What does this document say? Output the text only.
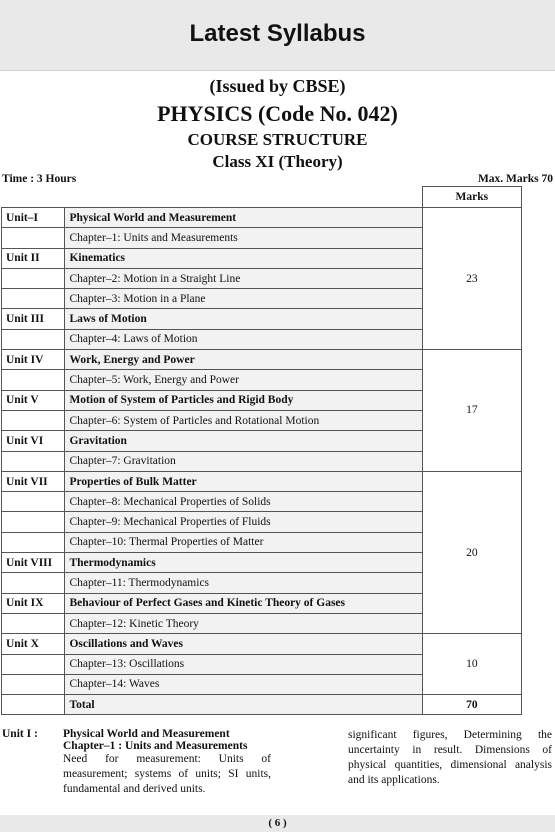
Latest Syllabus
(Issued by CBSE)
PHYSICS (Code No. 042)
COURSE STRUCTURE
Class XI (Theory)
Time : 3 Hours	Max. Marks 70
		Marks
Unit–I	Physical World and Measurement	23
	Chapter–1: Units and Measurements	
Unit II	Kinematics	
	Chapter–2: Motion in a Straight Line	
	Chapter–3: Motion in a Plane	
Unit III	Laws of Motion	
	Chapter–4: Laws of Motion	
Unit IV	Work, Energy and Power	17
	Chapter–5: Work, Energy and Power	
Unit V	Motion of System of Particles and Rigid Body	
	Chapter–6: System of Particles and Rotational Motion	
Unit VI	Gravitation	
	Chapter–7: Gravitation	
Unit VII	Properties of Bulk Matter	20
	Chapter–8: Mechanical Properties of Solids	
	Chapter–9: Mechanical Properties of Fluids	
	Chapter–10: Thermal Properties of Matter	
Unit VIII	Thermodynamics	
	Chapter–11: Thermodynamics	
Unit IX	Behaviour of Perfect Gases and Kinetic Theory of Gases	
	Chapter–12: Kinetic Theory	
Unit X	Oscillations and Waves	10
	Chapter–13: Oscillations	
	Chapter–14: Waves	
	Total	70
Unit I : Physical World and Measurement
Chapter–1 : Units and Measurements
Need for measurement: Units of measurement; systems of units; SI units, fundamental and derived units.
significant figures, Determining the uncertainty in result. Dimensions of physical quantities, dimensional analysis and its applications.
( 6 )
